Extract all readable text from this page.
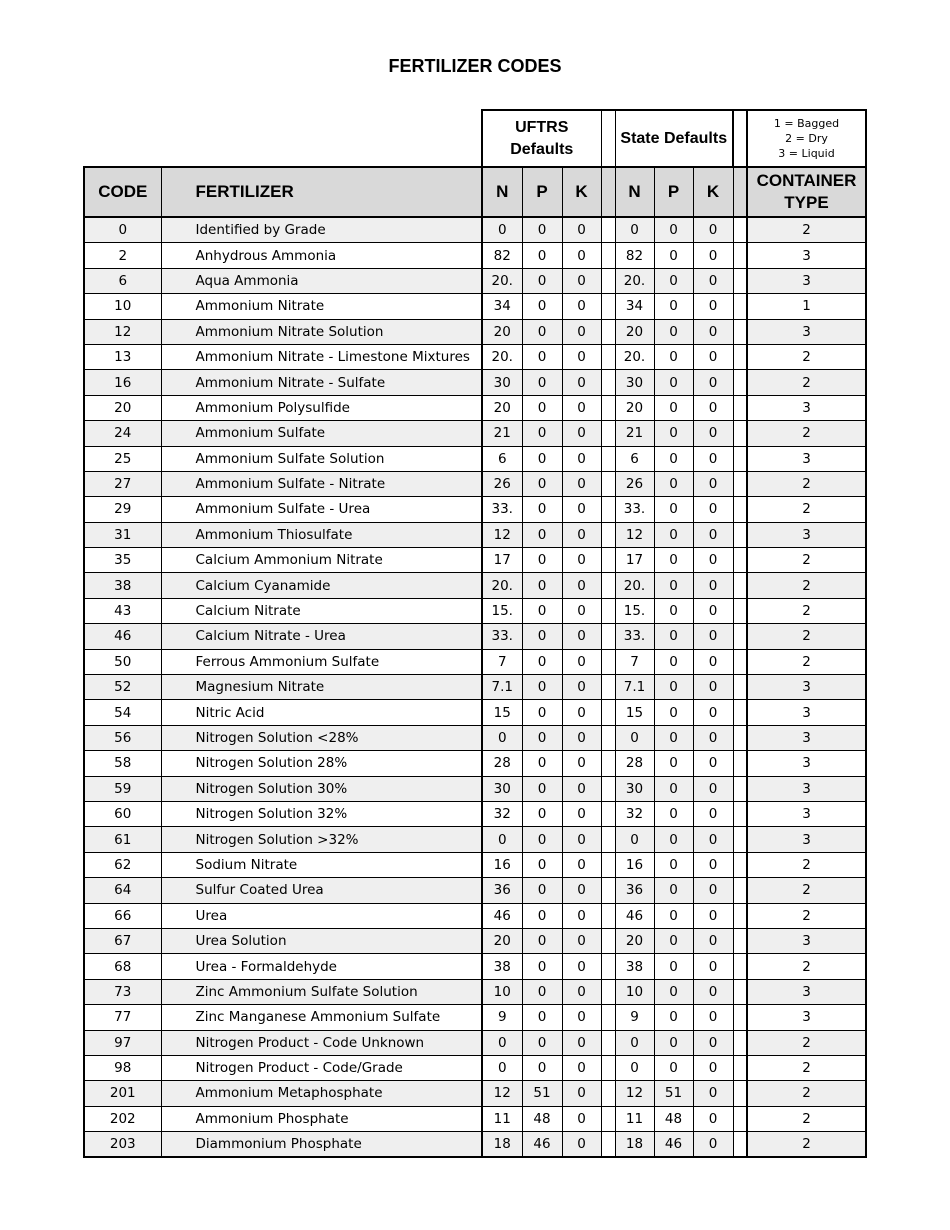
FERTILIZER CODES
		UFTRS Defaults				State Defaults				1 = Bagged
2 = Dry
3 = Liquid

CODE	FERTILIZER	N	P	K		N	P	K		CONTAINER TYPE

0	Identified by Grade	0	0	0		0	0	0		2
2	Anhydrous Ammonia	82	0	0		82	0	0		3
6	Aqua Ammonia	20.	0	0		20.	0	0		3
10	Ammonium Nitrate	34	0	0		34	0	0		1
12	Ammonium Nitrate Solution	20	0	0		20	0	0		3
13	Ammonium Nitrate - Limestone Mixtures	20.	0	0		20.	0	0		2
16	Ammonium Nitrate - Sulfate	30	0	0		30	0	0		2
20	Ammonium Polysulfide	20	0	0		20	0	0		3
24	Ammonium Sulfate	21	0	0		21	0	0		2
25	Ammonium Sulfate Solution	6	0	0		6	0	0		3
27	Ammonium Sulfate - Nitrate	26	0	0		26	0	0		2
29	Ammonium Sulfate - Urea	33.	0	0		33.	0	0		2
31	Ammonium Thiosulfate	12	0	0		12	0	0		3
35	Calcium Ammonium Nitrate	17	0	0		17	0	0		2
38	Calcium Cyanamide	20.	0	0		20.	0	0		2
43	Calcium Nitrate	15.	0	0		15.	0	0		2
46	Calcium Nitrate - Urea	33.	0	0		33.	0	0		2
50	Ferrous Ammonium Sulfate	7	0	0		7	0	0		2
52	Magnesium Nitrate	7.1	0	0		7.1	0	0		3
54	Nitric Acid	15	0	0		15	0	0		3
56	Nitrogen Solution <28%	0	0	0		0	0	0		3
58	Nitrogen Solution 28%	28	0	0		28	0	0		3
59	Nitrogen Solution 30%	30	0	0		30	0	0		3
60	Nitrogen Solution 32%	32	0	0		32	0	0		3
61	Nitrogen Solution >32%	0	0	0		0	0	0		3
62	Sodium Nitrate	16	0	0		16	0	0		2
64	Sulfur Coated Urea	36	0	0		36	0	0		2
66	Urea	46	0	0		46	0	0		2
67	Urea Solution	20	0	0		20	0	0		3
68	Urea - Formaldehyde	38	0	0		38	0	0		2
73	Zinc Ammonium Sulfate Solution	10	0	0		10	0	0		3
77	Zinc Manganese Ammonium Sulfate	9	0	0		9	0	0		3
97	Nitrogen Product - Code Unknown	0	0	0		0	0	0		2
98	Nitrogen Product - Code/Grade	0	0	0		0	0	0		2
201	Ammonium Metaphosphate	12	51	0		12	51	0		2
202	Ammonium Phosphate	11	48	0		11	48	0		2
203	Diammonium Phosphate	18	46	0		18	46	0		2
